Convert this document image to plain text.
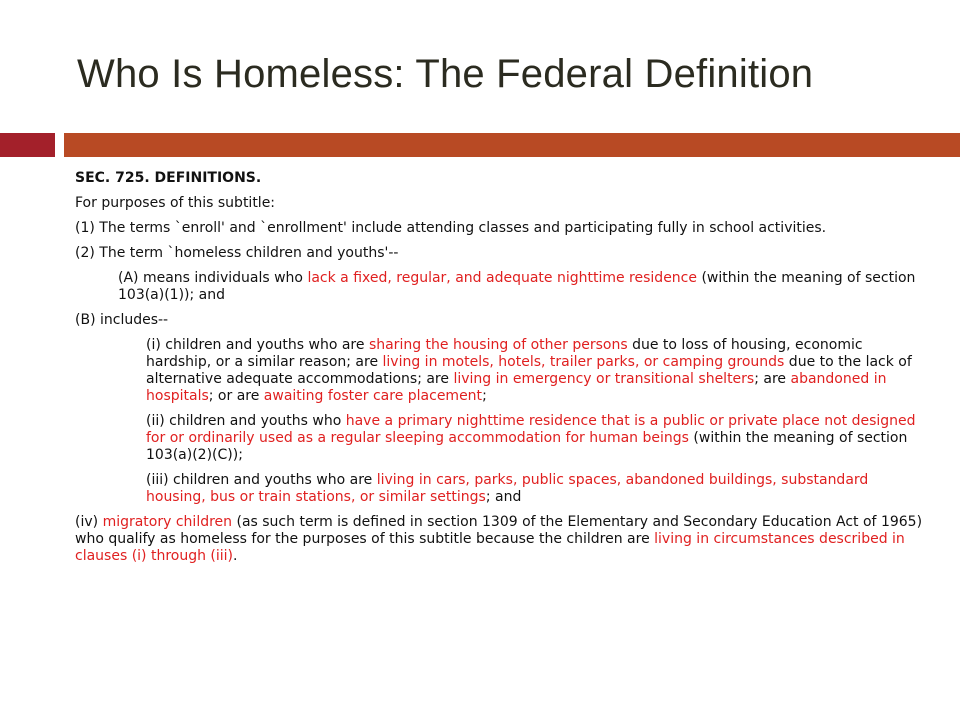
Who Is Homeless: The Federal Definition

SEC. 725. DEFINITIONS.

For purposes of this subtitle:

(1) The terms `enroll' and `enrollment' include attending classes and participating fully in school activities.

(2) The term `homeless children and youths'--

(A) means individuals who lack a fixed, regular, and adequate nighttime residence (within the meaning of section 103(a)(1)); and

(B) includes--

(i) children and youths who are sharing the housing of other persons due to loss of housing, economic hardship, or a similar reason; are living in motels, hotels, trailer parks, or camping grounds due to the lack of alternative adequate accommodations; are living in emergency or transitional shelters; are abandoned in hospitals; or are awaiting foster care placement;

(ii) children and youths who have a primary nighttime residence that is a public or private place not designed for or ordinarily used as a regular sleeping accommodation for human beings (within the meaning of section 103(a)(2)(C));

(iii) children and youths who are living in cars, parks, public spaces, abandoned buildings, substandard housing, bus or train stations, or similar settings; and

(iv) migratory children (as such term is defined in section 1309 of the Elementary and Secondary Education Act of 1965) who qualify as homeless for the purposes of this subtitle because the children are living in circumstances described in clauses (i) through (iii).
